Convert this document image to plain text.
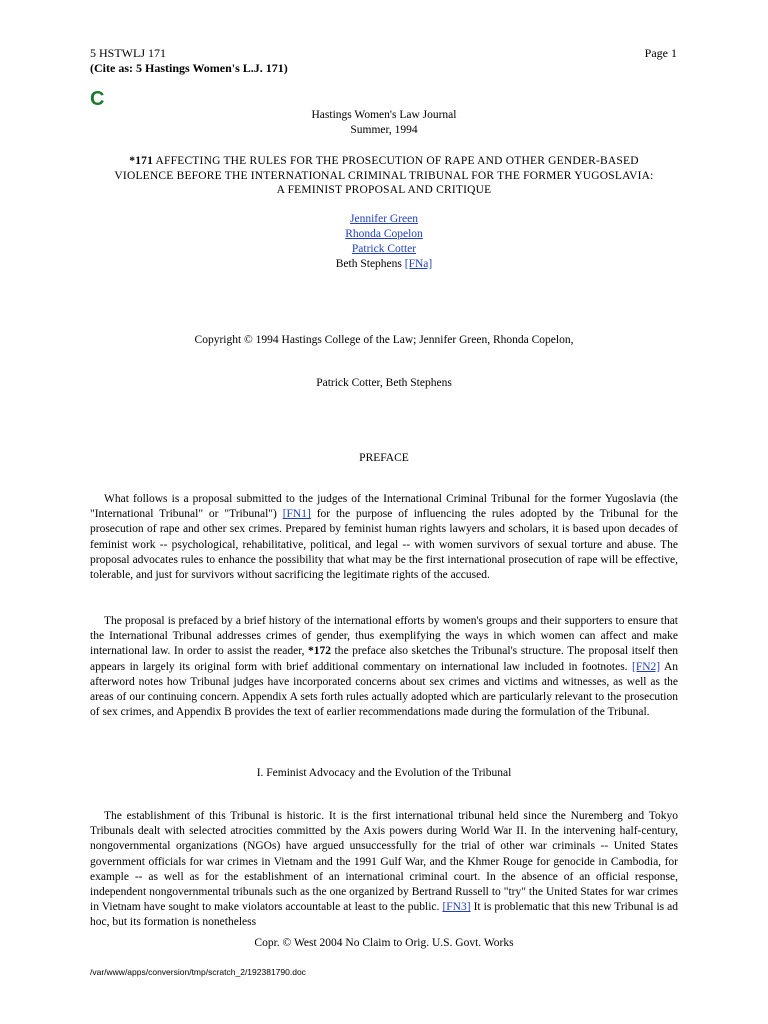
5 HSTWLJ 171
(Cite as: 5 Hastings Women's L.J. 171)
Page 1
C
Hastings Women's Law Journal
Summer, 1994
*171 AFFECTING THE RULES FOR THE PROSECUTION OF RAPE AND OTHER GENDER-BASED
VIOLENCE BEFORE THE INTERNATIONAL CRIMINAL TRIBUNAL FOR THE FORMER YUGOSLAVIA:
A FEMINIST PROPOSAL AND CRITIQUE
Jennifer Green
Rhonda Copelon
Patrick Cotter
Beth Stephens [FNa]
Copyright © 1994 Hastings College of the Law; Jennifer Green, Rhonda Copelon,
Patrick Cotter, Beth Stephens
PREFACE
What follows is a proposal submitted to the judges of the International Criminal Tribunal for the former Yugoslavia (the "International Tribunal" or "Tribunal") [FN1] for the purpose of influencing the rules adopted by the Tribunal for the prosecution of rape and other sex crimes. Prepared by feminist human rights lawyers and scholars, it is based upon decades of feminist work -- psychological, rehabilitative, political, and legal -- with women survivors of sexual torture and abuse. The proposal advocates rules to enhance the possibility that what may be the first international prosecution of rape will be effective, tolerable, and just for survivors without sacrificing the legitimate rights of the accused.
The proposal is prefaced by a brief history of the international efforts by women's groups and their supporters to ensure that the International Tribunal addresses crimes of gender, thus exemplifying the ways in which women can affect and make international law. In order to assist the reader, *172 the preface also sketches the Tribunal's structure. The proposal itself then appears in largely its original form with brief additional commentary on international law included in footnotes. [FN2] An afterword notes how Tribunal judges have incorporated concerns about sex crimes and victims and witnesses, as well as the areas of our continuing concern. Appendix A sets forth rules actually adopted which are particularly relevant to the prosecution of sex crimes, and Appendix B provides the text of earlier recommendations made during the formulation of the Tribunal.
I. Feminist Advocacy and the Evolution of the Tribunal
The establishment of this Tribunal is historic. It is the first international tribunal held since the Nuremberg and Tokyo Tribunals dealt with selected atrocities committed by the Axis powers during World War II. In the intervening half-century, nongovernmental organizations (NGOs) have argued unsuccessfully for the trial of other war criminals -- United States government officials for war crimes in Vietnam and the 1991 Gulf War, and the Khmer Rouge for genocide in Cambodia, for example -- as well as for the establishment of an international criminal court. In the absence of an official response, independent nongovernmental tribunals such as the one organized by Bertrand Russell to "try" the United States for war crimes in Vietnam have sought to make violators accountable at least to the public. [FN3] It is problematic that this new Tribunal is ad hoc, but its formation is nonetheless
Copr. © West 2004 No Claim to Orig. U.S. Govt. Works
/var/www/apps/conversion/tmp/scratch_2/192381790.doc
